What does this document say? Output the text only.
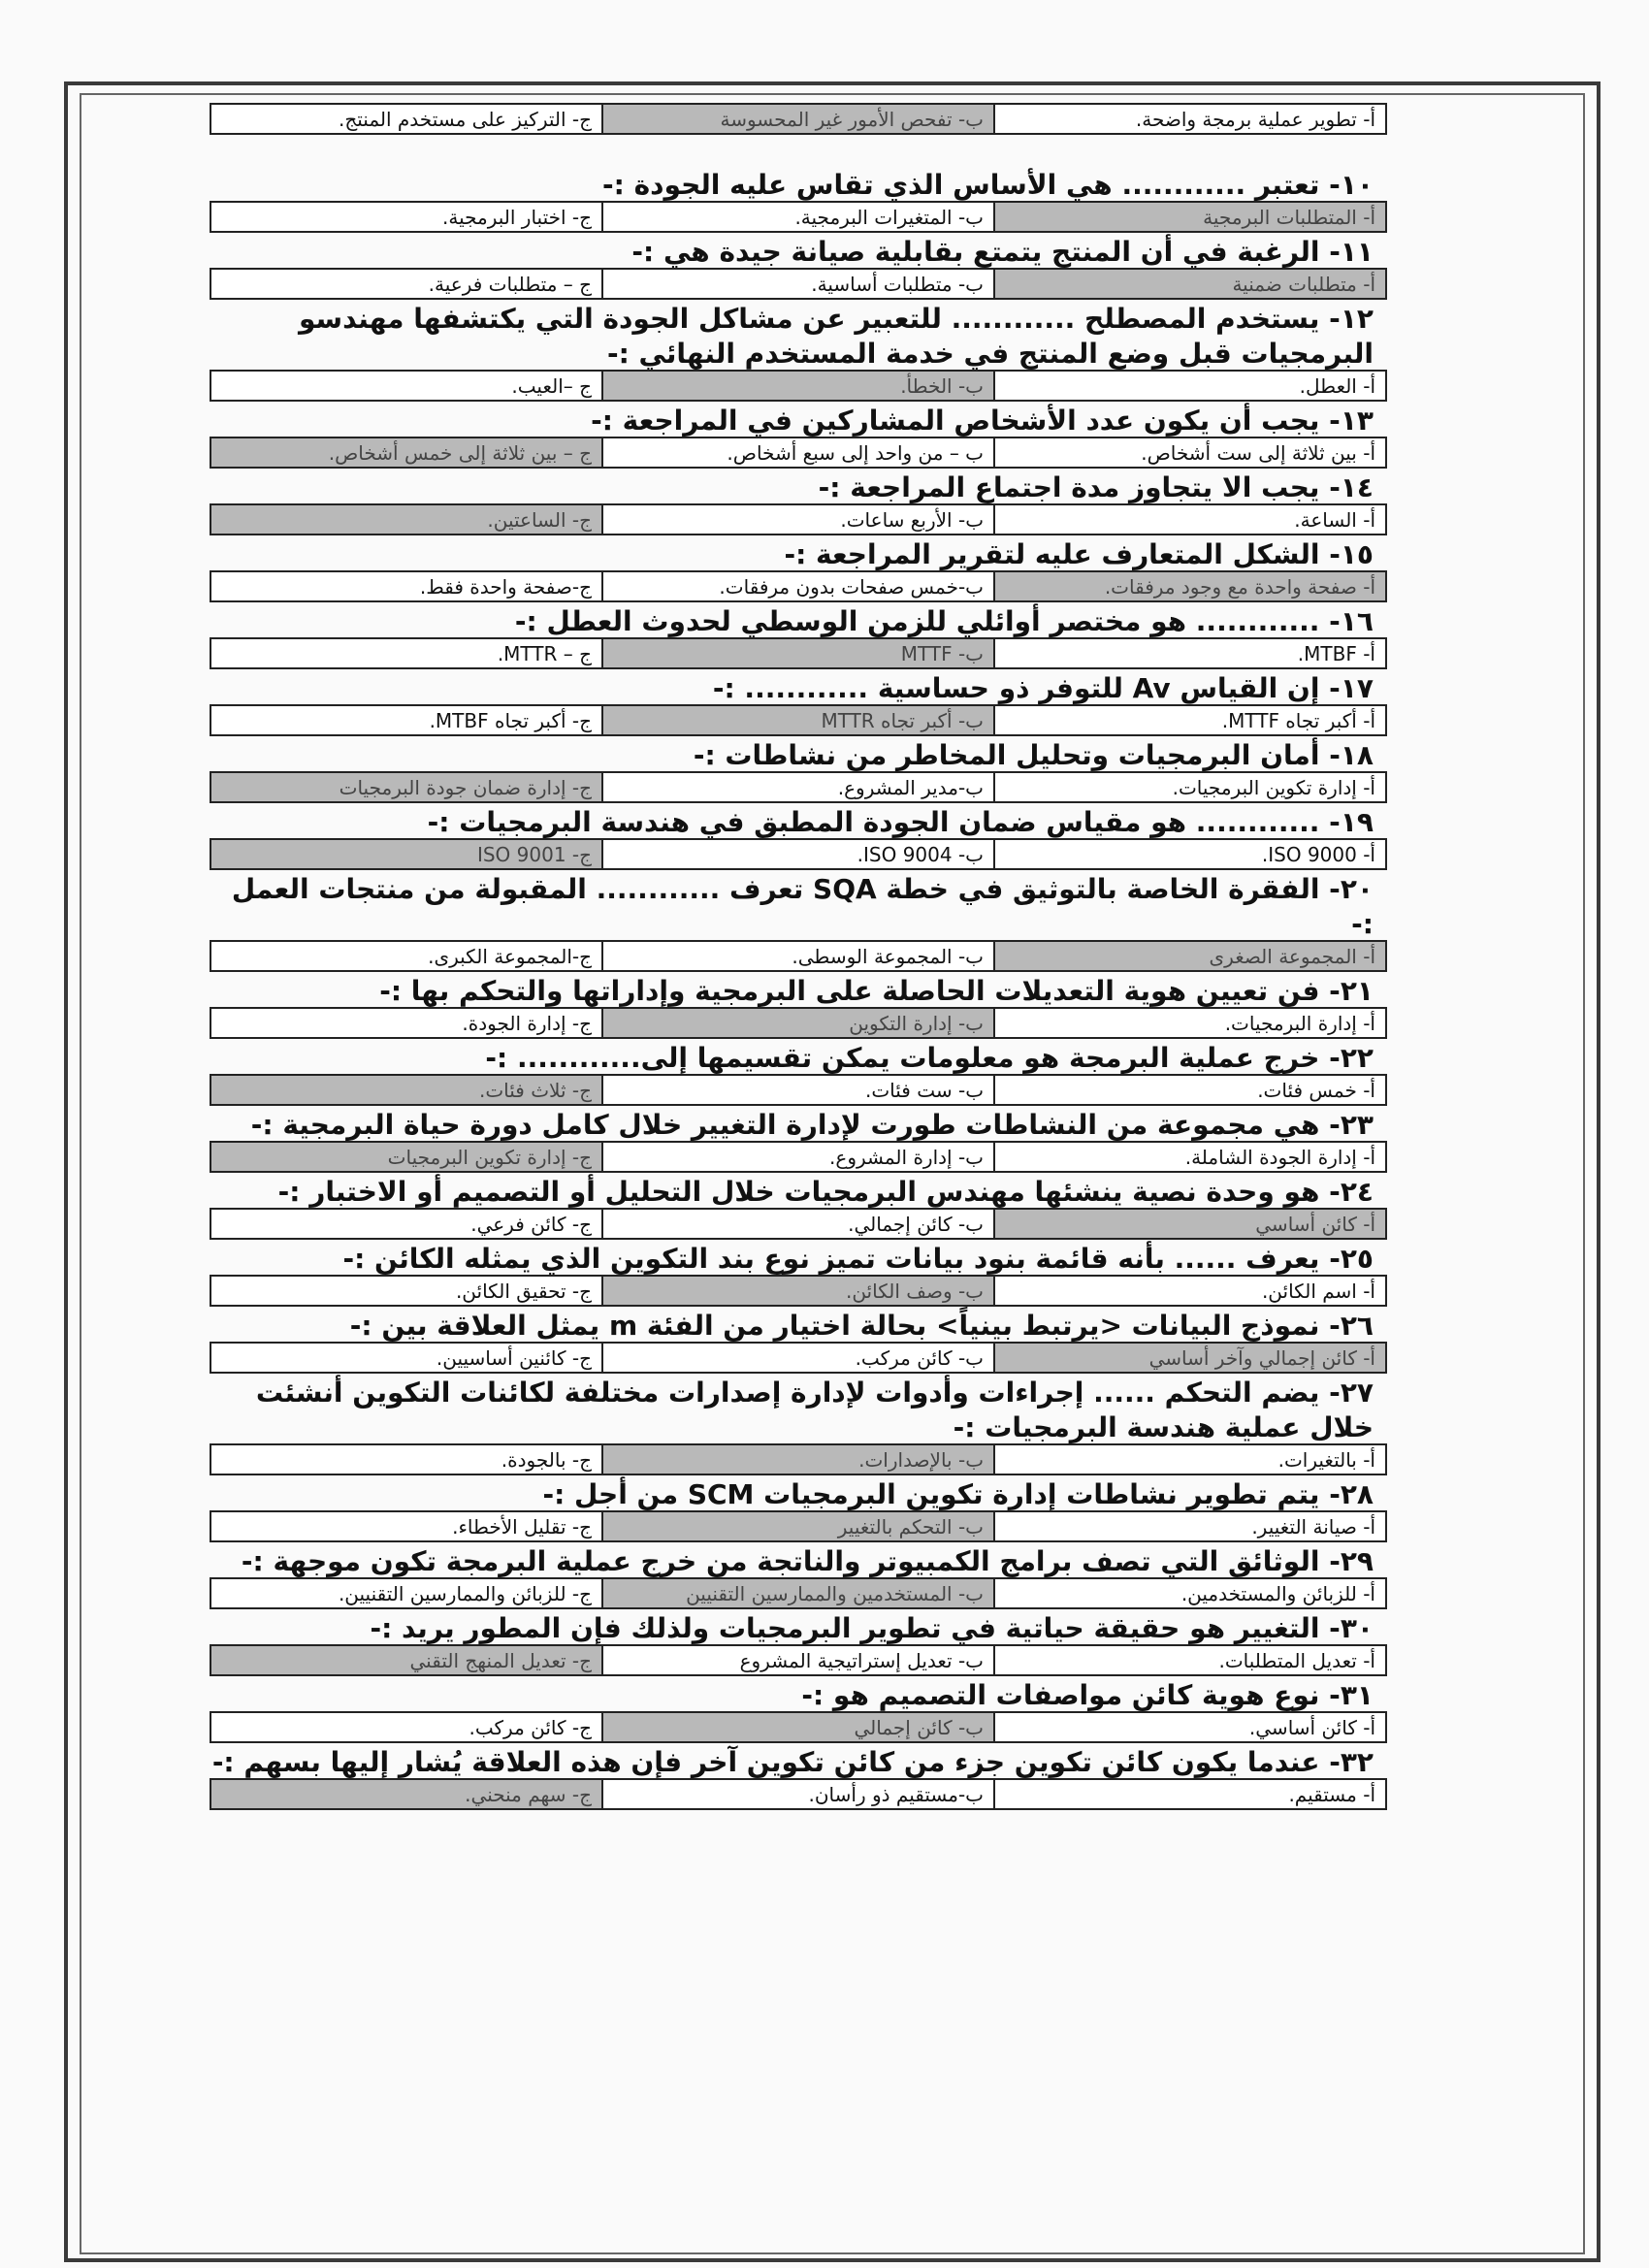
أ- تطوير عملية برمجة واضحة.
ب- تفحص الأمور غير المحسوسة
ج- التركيز على مستخدم المنتج.
١٠- تعتبر ............ هي الأساس الذي تقاس عليه الجودة :-
أ- المتطلبات البرمجية
ب- المتغيرات البرمجية.
ج- اختبار البرمجية.
١١- الرغبة في أن المنتج يتمتع بقابلية صيانة جيدة هي :-
أ- متطلبات ضمنية
ب- متطلبات أساسية.
ج – متطلبات فرعية.
١٢- يستخدم المصطلح ............ للتعبير عن مشاكل الجودة التي يكتشفها مهندسو البرمجيات قبل وضع المنتج في خدمة المستخدم النهائي :-
أ- العطل.
ب- الخطأ.
ج –العيب.
١٣- يجب أن يكون عدد الأشخاص المشاركين في المراجعة :-
أ- بين ثلاثة إلى ست أشخاص.
ب – من واحد إلى سبع أشخاص.
ج – بين ثلاثة إلى خمس أشخاص.
١٤- يجب الا يتجاوز مدة اجتماع المراجعة :-
أ- الساعة.
ب- الأربع ساعات.
ج- الساعتين.
١٥- الشكل المتعارف عليه لتقرير المراجعة :-
أ- صفحة واحدة مع وجود مرفقات.
ب-خمس صفحات بدون مرفقات.
ج-صفحة واحدة فقط.
١٦- ............ هو مختصر أوائلي للزمن الوسطي لحدوث العطل :-
أ- MTBF.
ب- MTTF
ج – MTTR.
١٧- إن القياس Av للتوفر ذو حساسية ............ :-
أ- أكبر تجاه MTTF.
ب- أكبر تجاه MTTR
ج- أكبر تجاه MTBF.
١٨- أمان البرمجيات وتحليل المخاطر من نشاطات :-
أ- إدارة تكوين البرمجيات.
ب-مدير المشروع.
ج- إدارة ضمان جودة البرمجيات
١٩- ............ هو مقياس ضمان الجودة المطبق في هندسة البرمجيات :-
أ- ISO 9000.
ب- ISO 9004.
ج- ISO 9001
٢٠- الفقرة الخاصة بالتوثيق في خطة SQA تعرف ............ المقبولة من منتجات العمل :-
أ- المجموعة الصغرى
ب- المجموعة الوسطى.
ج-المجموعة الكبرى.
٢١- فن تعيين هوية التعديلات الحاصلة على البرمجية وإداراتها والتحكم بها :-
أ- إدارة البرمجيات.
ب- إدارة التكوين
ج- إدارة الجودة.
٢٢- خرج عملية البرمجة هو معلومات يمكن تقسيمها إلى............ :-
أ- خمس فئات.
ب- ست فئات.
ج- ثلاث فئات.
٢٣- هي مجموعة من النشاطات طورت لإدارة التغيير خلال كامل دورة حياة البرمجية :-
أ- إدارة الجودة الشاملة.
ب- إدارة المشروع.
ج- إدارة تكوين البرمجيات
٢٤- هو وحدة نصية ينشئها مهندس البرمجيات خلال التحليل أو التصميم أو الاختبار :-
أ- كائن أساسي
ب- كائن إجمالي.
ج- كائن فرعي.
٢٥- يعرف ...... بأنه قائمة بنود بيانات تميز نوع بند التكوين الذي يمثله الكائن :-
أ- اسم الكائن.
ب- وصف الكائن.
ج- تحقيق الكائن.
٢٦- نموذج البيانات <يرتبط بينياً> بحالة اختيار من الفئة m يمثل العلاقة بين :-
أ- كائن إجمالي وآخر أساسي
ب- كائن مركب.
ج- كائنين أساسيين.
٢٧- يضم التحكم ...... إجراءات وأدوات لإدارة إصدارات مختلفة لكائنات التكوين أنشئت خلال عملية هندسة البرمجيات :-
أ- بالتغيرات.
ب- بالإصدارات.
ج- بالجودة.
٢٨- يتم تطوير نشاطات إدارة تكوين البرمجيات SCM من أجل :-
أ- صيانة التغيير.
ب- التحكم بالتغيير
ج- تقليل الأخطاء.
٢٩- الوثائق التي تصف برامج الكمبيوتر والناتجة من خرج عملية البرمجة تكون موجهة :-
أ- للزبائن والمستخدمين.
ب- المستخدمين والممارسين التقنيين
ج- للزبائن والممارسين التقنيين.
٣٠- التغيير هو حقيقة حياتية في تطوير البرمجيات ولذلك فإن المطور يريد :-
أ- تعديل المتطلبات.
ب- تعديل إستراتيجية المشروع
ج- تعديل المنهج التقني
٣١- نوع هوية كائن مواصفات التصميم هو :-
أ- كائن أساسي.
ب- كائن إجمالي
ج- كائن مركب.
٣٢- عندما يكون كائن تكوين جزء من كائن تكوين آخر فإن هذه العلاقة يُشار إليها بسهم :-
أ- مستقيم.
ب-مستقيم ذو رأسان.
ج- سهم منحني.
